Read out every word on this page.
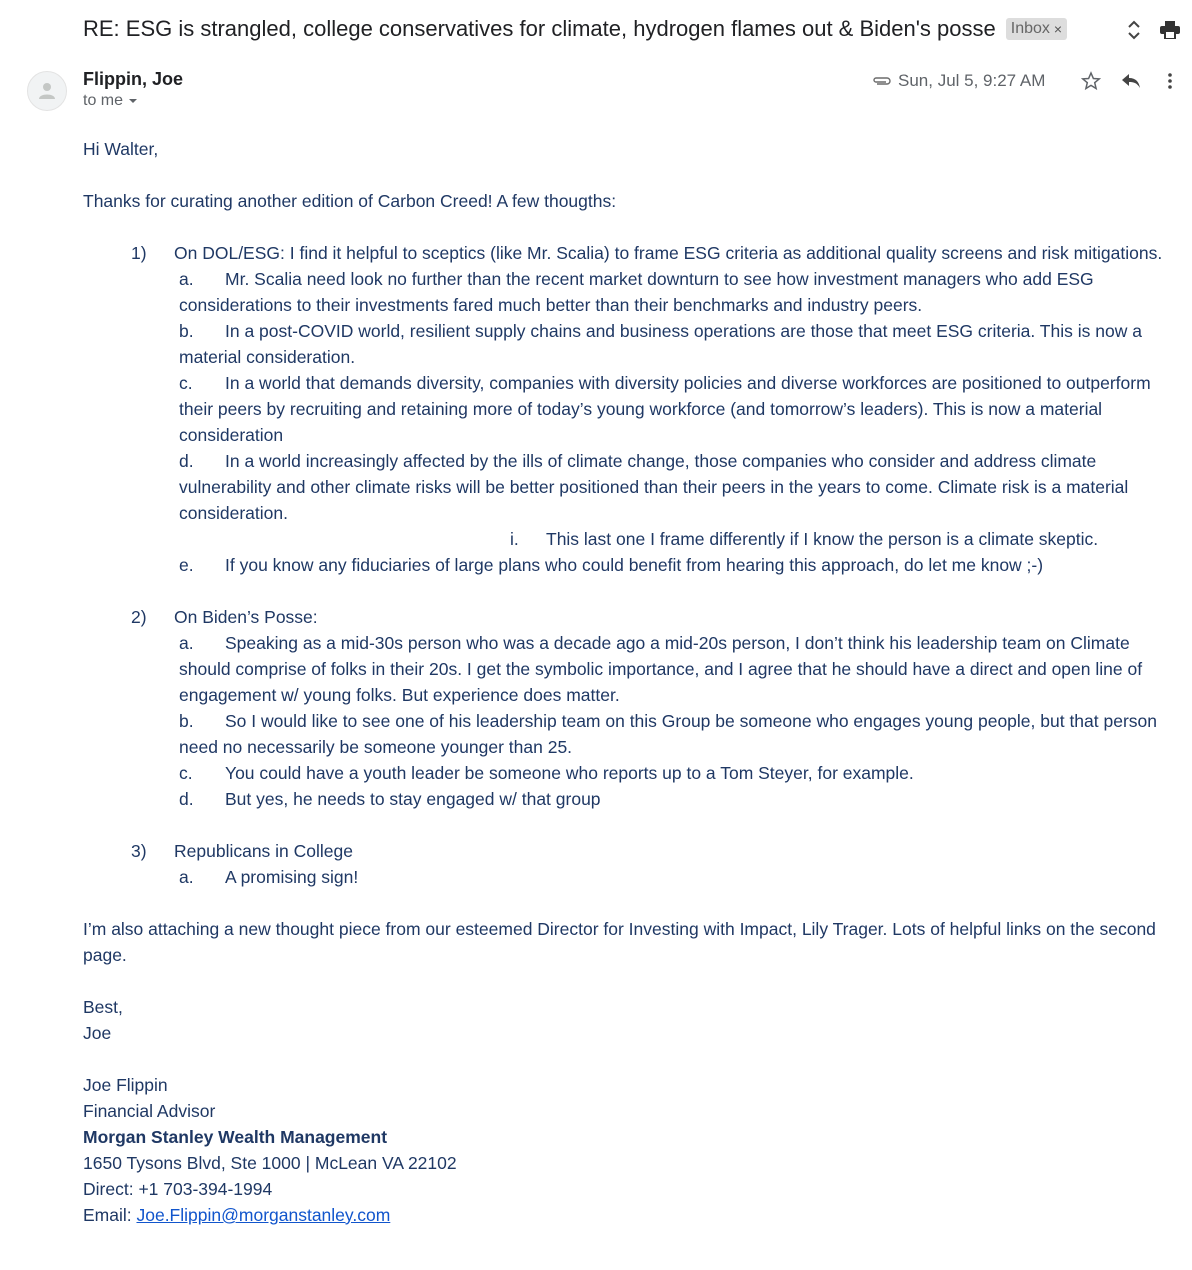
RE: ESG is strangled, college conservatives for climate, hydrogen flames out & Biden's posse Inbox ×
Flippin, Joe
to me
Sun, Jul 5, 9:27 AM

Hi Walter,

Thanks for curating another edition of Carbon Creed! A few thougths:

1) On DOL/ESG: I find it helpful to sceptics (like Mr. Scalia) to frame ESG criteria as additional quality screens and risk mitigations.
a. Mr. Scalia need look no further than the recent market downturn to see how investment managers who add ESG considerations to their investments fared much better than their benchmarks and industry peers.
b. In a post-COVID world, resilient supply chains and business operations are those that meet ESG criteria. This is now a material consideration.
c. In a world that demands diversity, companies with diversity policies and diverse workforces are positioned to outperform their peers by recruiting and retaining more of today’s young workforce (and tomorrow’s leaders). This is now a material consideration
d. In a world increasingly affected by the ills of climate change, those companies who consider and address climate vulnerability and other climate risks will be better positioned than their peers in the years to come. Climate risk is a material consideration.
i. This last one I frame differently if I know the person is a climate skeptic.
e. If you know any fiduciaries of large plans who could benefit from hearing this approach, do let me know ;-)
2) On Biden’s Posse:
a. Speaking as a mid-30s person who was a decade ago a mid-20s person, I don’t think his leadership team on Climate should comprise of folks in their 20s. I get the symbolic importance, and I agree that he should have a direct and open line of engagement w/ young folks. But experience does matter.
b. So I would like to see one of his leadership team on this Group be someone who engages young people, but that person need no necessarily be someone younger than 25.
c. You could have a youth leader be someone who reports up to a Tom Steyer, for example.
d. But yes, he needs to stay engaged w/ that group
3) Republicans in College
a. A promising sign!

I’m also attaching a new thought piece from our esteemed Director for Investing with Impact, Lily Trager. Lots of helpful links on the second page.

Best,

Joe

Joe Flippin

Financial Advisor

Morgan Stanley Wealth Management

1650 Tysons Blvd, Ste 1000 | McLean VA 22102

Direct: +1 703-394-1994

Email: Joe.Flippin@morganstanley.com
